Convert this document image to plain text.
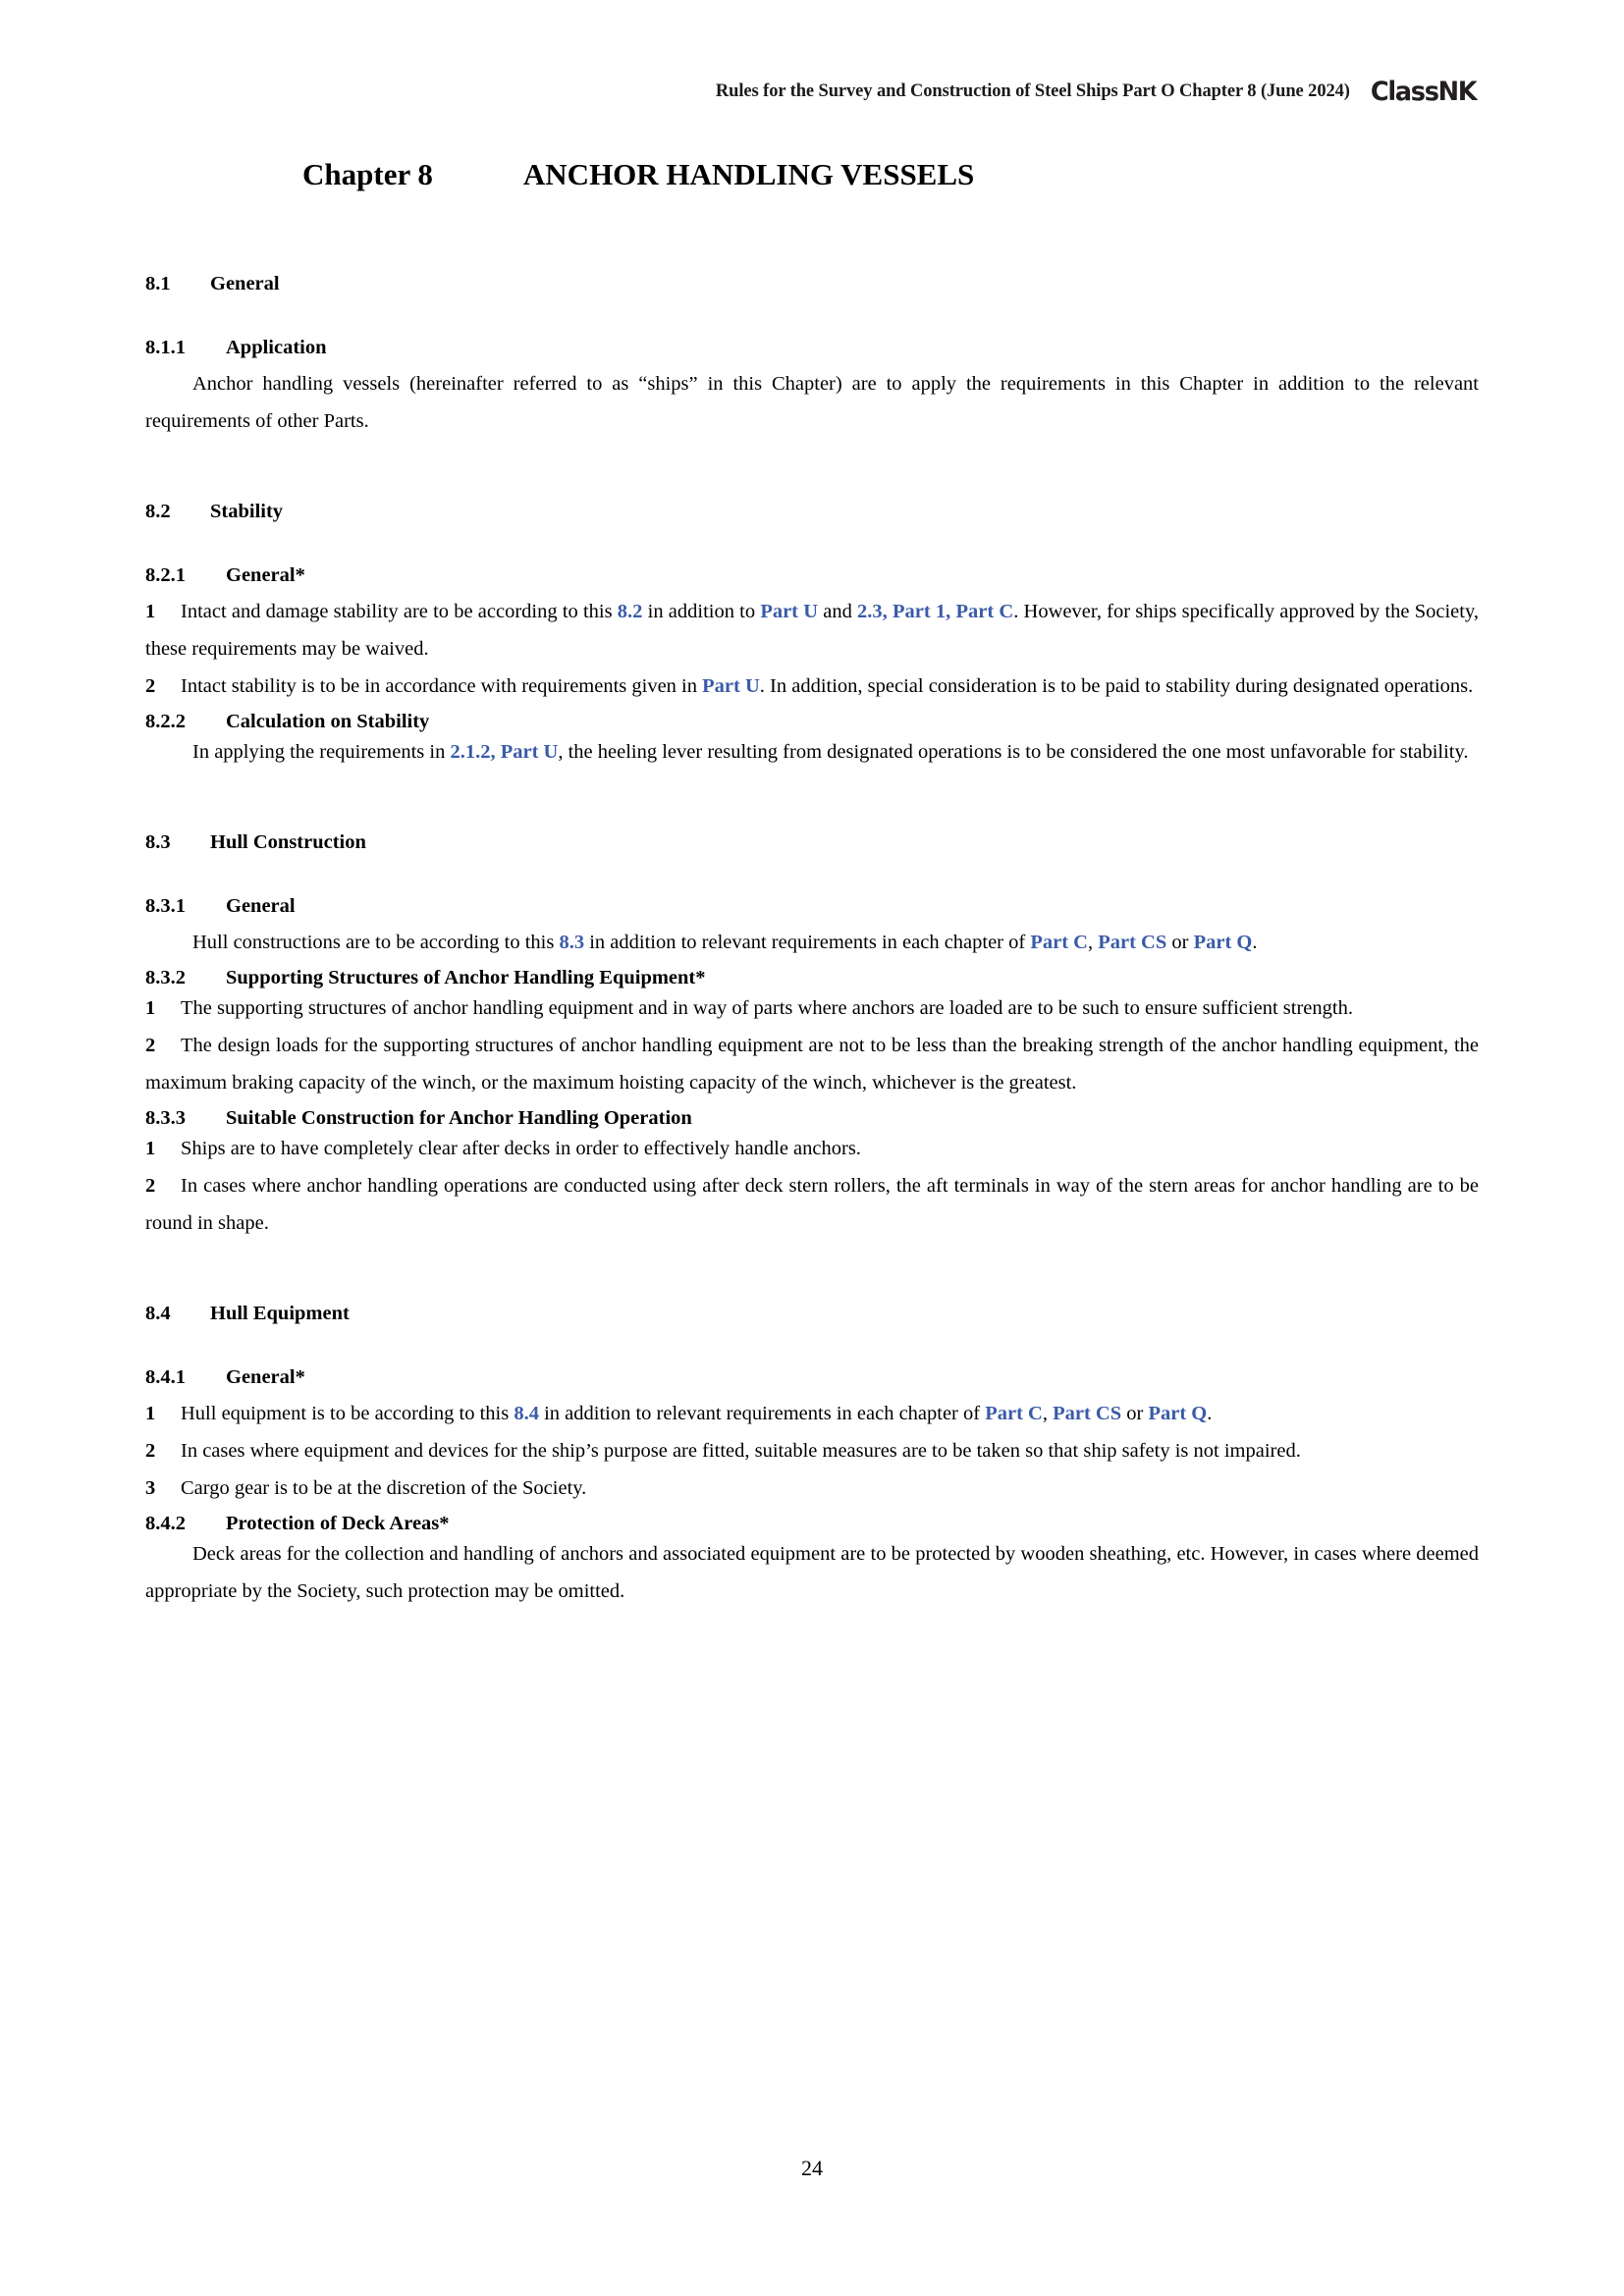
Rules for the Survey and Construction of Steel Ships Part O Chapter 8 (June 2024) ClassNK
Chapter 8	ANCHOR HANDLING VESSELS
8.1	General
8.1.1	Application

Anchor handling vessels (hereinafter referred to as “ships” in this Chapter) are to apply the requirements in this Chapter in addition to the relevant requirements of other Parts.

8.2	Stability
8.2.1	General*

1 Intact and damage stability are to be according to this 8.2 in addition to Part U and 2.3, Part 1, Part C. However, for ships specifically approved by the Society, these requirements may be waived.

2 Intact stability is to be in accordance with requirements given in Part U. In addition, special consideration is to be paid to stability during designated operations.

8.2.2	Calculation on Stability

In applying the requirements in 2.1.2, Part U, the heeling lever resulting from designated operations is to be considered the one most unfavorable for stability.

8.3	Hull Construction
8.3.1	General

Hull constructions are to be according to this 8.3 in addition to relevant requirements in each chapter of Part C, Part CS or Part Q.

8.3.2	Supporting Structures of Anchor Handling Equipment*

1 The supporting structures of anchor handling equipment and in way of parts where anchors are loaded are to be such to ensure sufficient strength.

2 The design loads for the supporting structures of anchor handling equipment are not to be less than the breaking strength of the anchor handling equipment, the maximum braking capacity of the winch, or the maximum hoisting capacity of the winch, whichever is the greatest.

8.3.3	Suitable Construction for Anchor Handling Operation

1 Ships are to have completely clear after decks in order to effectively handle anchors.

2 In cases where anchor handling operations are conducted using after deck stern rollers, the aft terminals in way of the stern areas for anchor handling are to be round in shape.

8.4	Hull Equipment
8.4.1	General*

1 Hull equipment is to be according to this 8.4 in addition to relevant requirements in each chapter of Part C, Part CS or Part Q.

2 In cases where equipment and devices for the ship’s purpose are fitted, suitable measures are to be taken so that ship safety is not impaired.

3 Cargo gear is to be at the discretion of the Society.

8.4.2	Protection of Deck Areas*

Deck areas for the collection and handling of anchors and associated equipment are to be protected by wooden sheathing, etc. However, in cases where deemed appropriate by the Society, such protection may be omitted.

24
